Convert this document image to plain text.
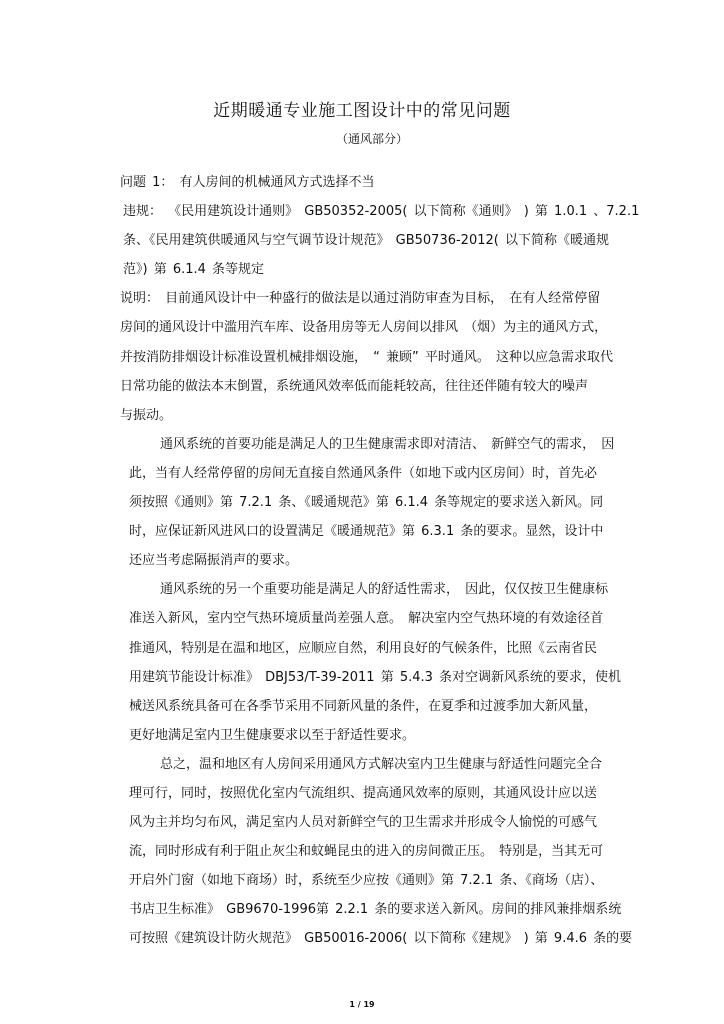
近期暖通专业施工图设计中的常见问题
（通风部分）
问题 1： 有人房间的机械通风方式选择不当
违规： 《民用建筑设计通则》 GB50352-2005( 以下简称《通则》 ) 第 1.0.1 、7.2.1
条、《民用建筑供暖通风与空气调节设计规范》 GB50736-2012( 以下简称《暖通规
范》) 第 6.1.4 条等规定
说明： 目前通风设计中一种盛行的做法是以通过消防审查为目标， 在有人经常停留
房间的通风设计中滥用汽车库、设备用房等无人房间以排风 （烟）为主的通风方式，
并按消防排烟设计标准设置机械排烟设施， “ 兼顾” 平时通风。 这种以应急需求取代
日常功能的做法本末倒置，系统通风效率低而能耗较高，往往还伴随有较大的噪声
与振动。
通风系统的首要功能是满足人的卫生健康需求即对清洁、 新鲜空气的需求， 因
此，当有人经常停留的房间无直接自然通风条件（如地下或内区房间）时，首先必
须按照《通则》第 7.2.1 条、《暖通规范》第 6.1.4 条等规定的要求送入新风。同
时，应保证新风进风口的设置满足《暖通规范》第 6.3.1 条的要求。显然，设计中
还应当考虑隔振消声的要求。
通风系统的另一个重要功能是满足人的舒适性需求， 因此，仅仅按卫生健康标
准送入新风，室内空气热环境质量尚差强人意。 解决室内空气热环境的有效途径首
推通风，特别是在温和地区，应顺应自然，利用良好的气候条件，比照《云南省民
用建筑节能设计标准》 DBJ53/T-39-2011 第 5.4.3 条对空调新风系统的要求，使机
械送风系统具备可在各季节采用不同新风量的条件，在夏季和过渡季加大新风量，
更好地满足室内卫生健康要求以至于舒适性要求。
总之，温和地区有人房间采用通风方式解决室内卫生健康与舒适性问题完全合
理可行，同时，按照优化室内气流组织、提高通风效率的原则，其通风设计应以送
风为主并均匀布风，满足室内人员对新鲜空气的卫生需求并形成令人愉悦的可感气
流，同时形成有利于阻止灰尘和蚊蝇昆虫的进入的房间微正压。 特别是，当其无可
开启外门窗（如地下商场）时，系统至少应按《通则》第 7.2.1 条、《商场（店）、
书店卫生标准》 GB9670-1996第 2.2.1 条的要求送入新风。房间的排风兼排烟系统
可按照《建筑设计防火规范》 GB50016-2006( 以下简称《建规》 ) 第 9.4.6 条的要
1 / 19
